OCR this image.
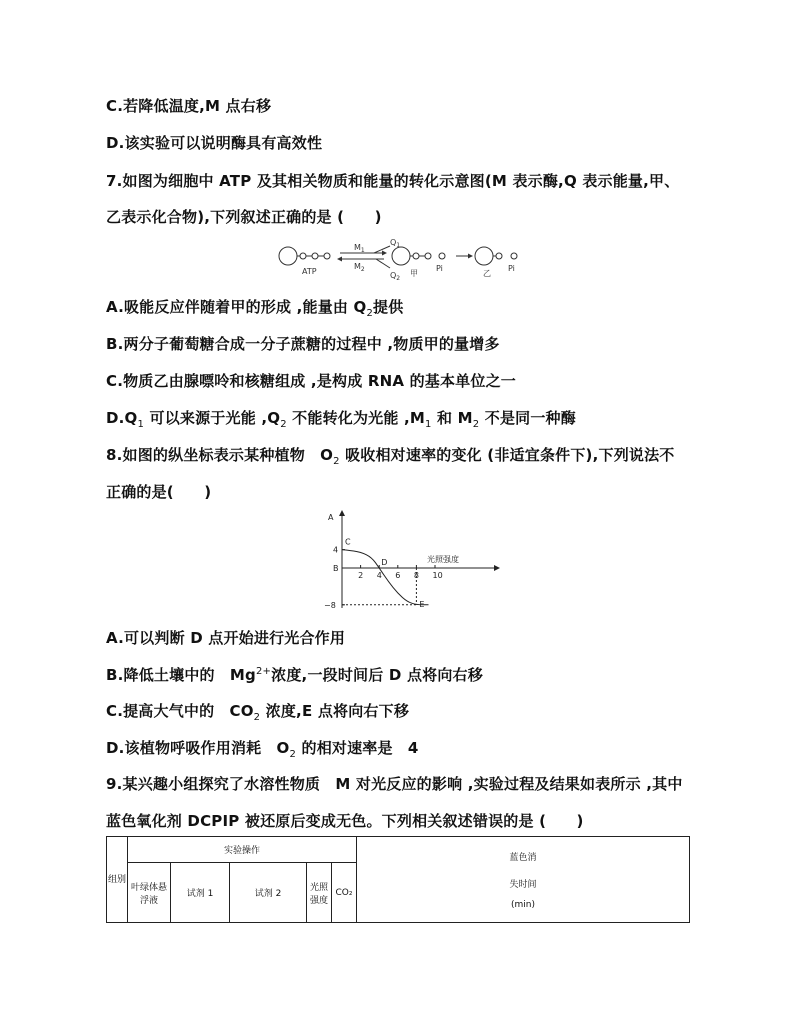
C.若降低温度,M 点右移
D.该实验可以说明酶具有高效性
7.如图为细胞中 ATP 及其相关物质和能量的转化示意图(M 表示酶,Q 表示能量,甲、
乙表示化合物),下列叙述正确的是 (　　)
ATP
$M_1$
$M_2$
$Q_1$
$Q_2$
甲
Pi
乙
Pi
A.吸能反应伴随着甲的形成 ,能量由 $Q_2$提供
B.两分子葡萄糖合成一分子蔗糖的过程中 ,物质甲的量增多
C.物质乙由腺嘌呤和核糖组成 ,是构成 RNA 的基本单位之一
$D.Q_1$ 可以来源于光能 $,Q_2$ 不能转化为光能 $,M_1$ 和 $M_2$ 不是同一种酶
8.如图的纵坐标表示某种植物　$O_2$ 吸收相对速率的变化 (非适宜条件下),下列说法不
正确的是(　　)
A
光照强度
2 4 6 8 10
4
B
−8
C
D
E
A.可以判断 D 点开始进行光合作用
B.降低土壤中的　$Mg^{2+}$浓度,一段时间后 D 点将向右移
C.提高大气中的　$CO_2$ 浓度,E 点将向右下移
D.该植物呼吸作用消耗　$O_2$ 的相对速率是　4
9.某兴趣小组探究了水溶性物质　M 对光反应的影响 ,实验过程及结果如表所示 ,其中
蓝色氧化剂 DCPIP 被还原后变成无色。下列相关叙述错误的是 (　　)
组别	实验操作					蓝色消
失时间
(min)

	叶绿体悬浮液	试剂 1	试剂 2	光照强度	CO₂	
